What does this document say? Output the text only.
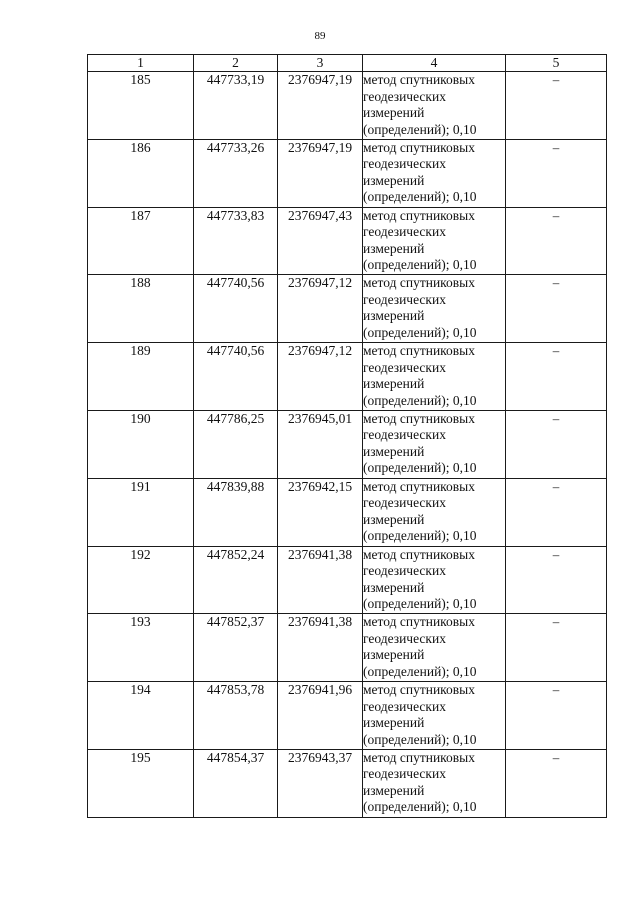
89
1	2	3	4	5
185	447733,19	2376947,19	метод спутниковых
геодезических
измерений
(определений); 0,10	–
186	447733,26	2376947,19	метод спутниковых
геодезических
измерений
(определений); 0,10	–
187	447733,83	2376947,43	метод спутниковых
геодезических
измерений
(определений); 0,10	–
188	447740,56	2376947,12	метод спутниковых
геодезических
измерений
(определений); 0,10	–
189	447740,56	2376947,12	метод спутниковых
геодезических
измерений
(определений); 0,10	–
190	447786,25	2376945,01	метод спутниковых
геодезических
измерений
(определений); 0,10	–
191	447839,88	2376942,15	метод спутниковых
геодезических
измерений
(определений); 0,10	–
192	447852,24	2376941,38	метод спутниковых
геодезических
измерений
(определений); 0,10	–
193	447852,37	2376941,38	метод спутниковых
геодезических
измерений
(определений); 0,10	–
194	447853,78	2376941,96	метод спутниковых
геодезических
измерений
(определений); 0,10	–
195	447854,37	2376943,37	метод спутниковых
геодезических
измерений
(определений); 0,10	–
